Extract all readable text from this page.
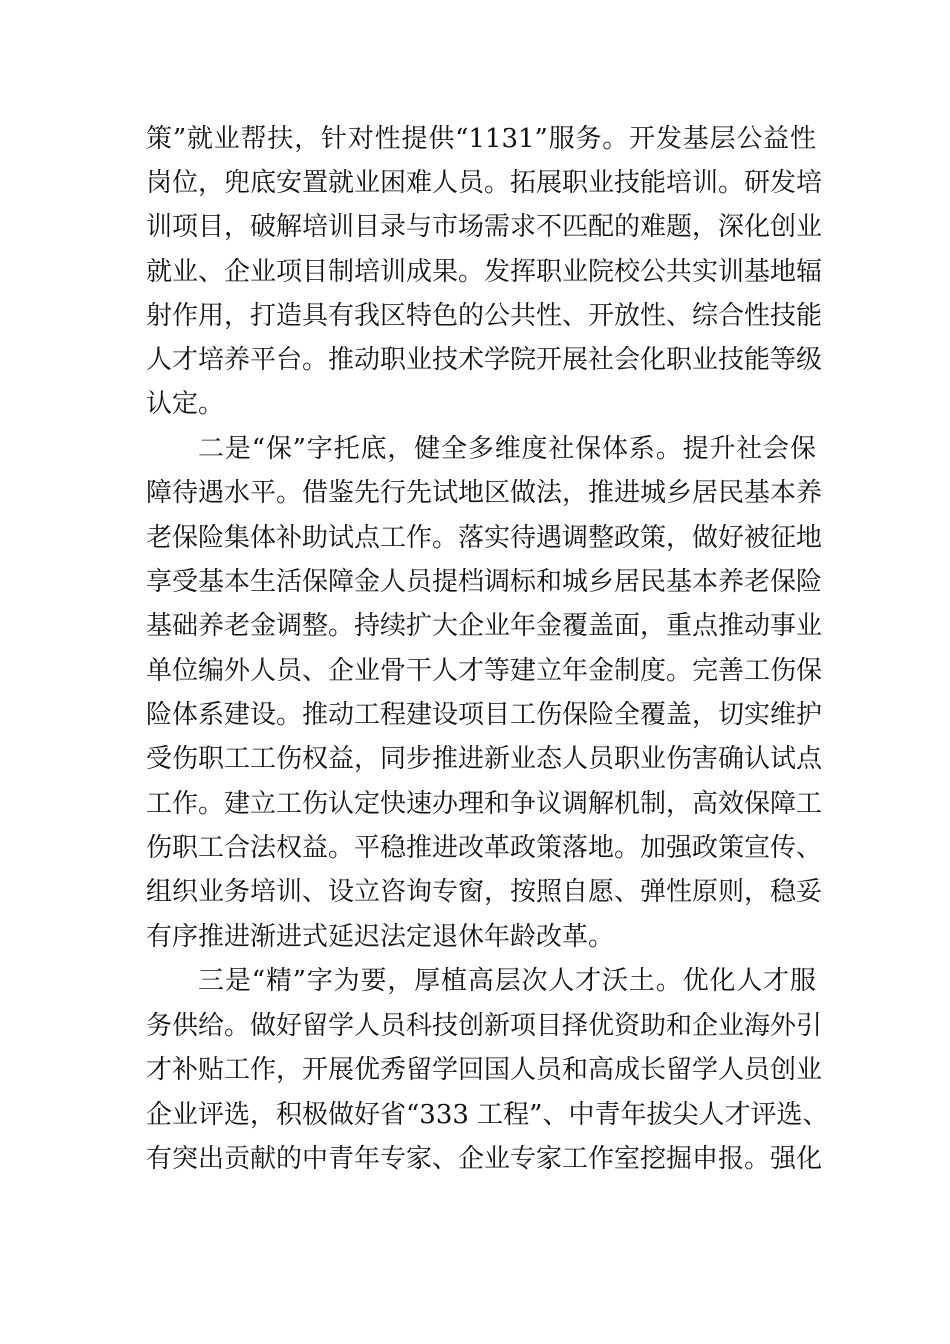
策”就业帮扶，针对性提供“1131”服务。开发基层公益性
岗位，兜底安置就业困难人员。拓展职业技能培训。研发培
训项目，破解培训目录与市场需求不匹配的难题，深化创业
就业、企业项目制培训成果。发挥职业院校公共实训基地辐
射作用，打造具有我区特色的公共性、开放性、综合性技能
人才培养平台。推动职业技术学院开展社会化职业技能等级
认定。
二是“保”字托底，健全多维度社保体系。提升社会保
障待遇水平。借鉴先行先试地区做法，推进城乡居民基本养
老保险集体补助试点工作。落实待遇调整政策，做好被征地
享受基本生活保障金人员提档调标和城乡居民基本养老保险
基础养老金调整。持续扩大企业年金覆盖面，重点推动事业
单位编外人员、企业骨干人才等建立年金制度。完善工伤保
险体系建设。推动工程建设项目工伤保险全覆盖，切实维护
受伤职工工伤权益，同步推进新业态人员职业伤害确认试点
工作。建立工伤认定快速办理和争议调解机制，高效保障工
伤职工合法权益。平稳推进改革政策落地。加强政策宣传、
组织业务培训、设立咨询专窗，按照自愿、弹性原则，稳妥
有序推进渐进式延迟法定退休年龄改革。
三是“精”字为要，厚植高层次人才沃土。优化人才服
务供给。做好留学人员科技创新项目择优资助和企业海外引
才补贴工作，开展优秀留学回国人员和高成长留学人员创业
企业评选，积极做好省“333 工程”、中青年拔尖人才评选、
有突出贡献的中青年专家、企业专家工作室挖掘申报。强化
